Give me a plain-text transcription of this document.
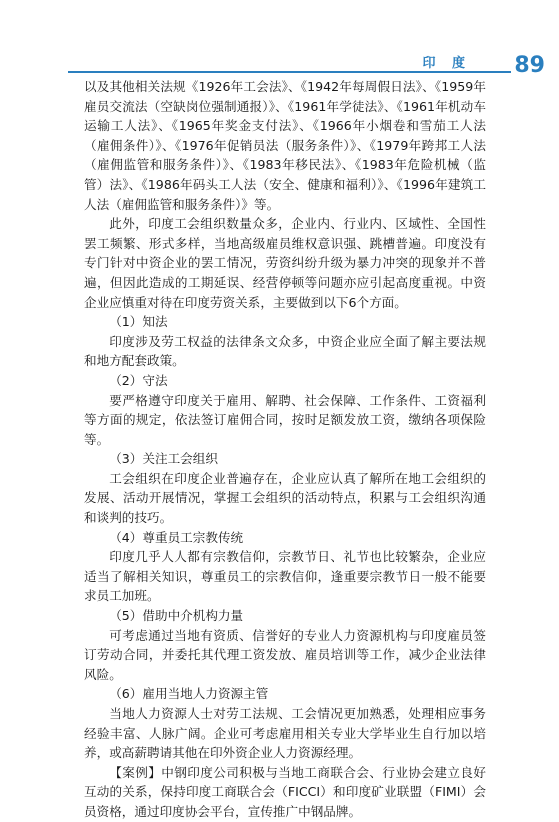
印 度 89

以及其他相关法规《1926年工会法》、《1942年每周假日法》、《1959年雇员交流法（空缺岗位强制通报）》、《1961年学徒法》、《1961年机动车运输工人法》、《1965年奖金支付法》、《1966年小烟卷和雪茄工人法（雇佣条件）》、《1976年促销员法（服务条件）》、《1979年跨邦工人法（雇佣监管和服务条件）》、《1983年移民法》、《1983年危险机械（监管）法》、《1986年码头工人法（安全、健康和福利）》、《1996年建筑工人法（雇佣监管和服务条件）》等。

此外，印度工会组织数量众多，企业内、行业内、区域性、全国性罢工频繁、形式多样，当地高级雇员维权意识强、跳槽普遍。印度没有专门针对中资企业的罢工情况，劳资纠纷升级为暴力冲突的现象并不普遍，但因此造成的工期延误、经营停顿等问题亦应引起高度重视。中资企业应慎重对待在印度劳资关系，主要做到以下6个方面。

（1）知法

印度涉及劳工权益的法律条文众多，中资企业应全面了解主要法规和地方配套政策。

（2）守法

要严格遵守印度关于雇用、解聘、社会保障、工作条件、工资福利等方面的规定，依法签订雇佣合同，按时足额发放工资，缴纳各项保险等。

（3）关注工会组织

工会组织在印度企业普遍存在，企业应认真了解所在地工会组织的发展、活动开展情况，掌握工会组织的活动特点，积累与工会组织沟通和谈判的技巧。

（4）尊重员工宗教传统

印度几乎人人都有宗教信仰，宗教节日、礼节也比较繁杂，企业应适当了解相关知识，尊重员工的宗教信仰，逢重要宗教节日一般不能要求员工加班。

（5）借助中介机构力量

可考虑通过当地有资质、信誉好的专业人力资源机构与印度雇员签订劳动合同，并委托其代理工资发放、雇员培训等工作，减少企业法律风险。

（6）雇用当地人力资源主管

当地人力资源人士对劳工法规、工会情况更加熟悉，处理相应事务经验丰富、人脉广阔。企业可考虑雇用相关专业大学毕业生自行加以培养，或高薪聘请其他在印外资企业人力资源经理。

【案例】中钢印度公司积极与当地工商联合会、行业协会建立良好互动的关系，保持印度工商联合会（FICCI）和印度矿业联盟（FIMI）会员资格，通过印度协会平台，宣传推广中钢品牌。
